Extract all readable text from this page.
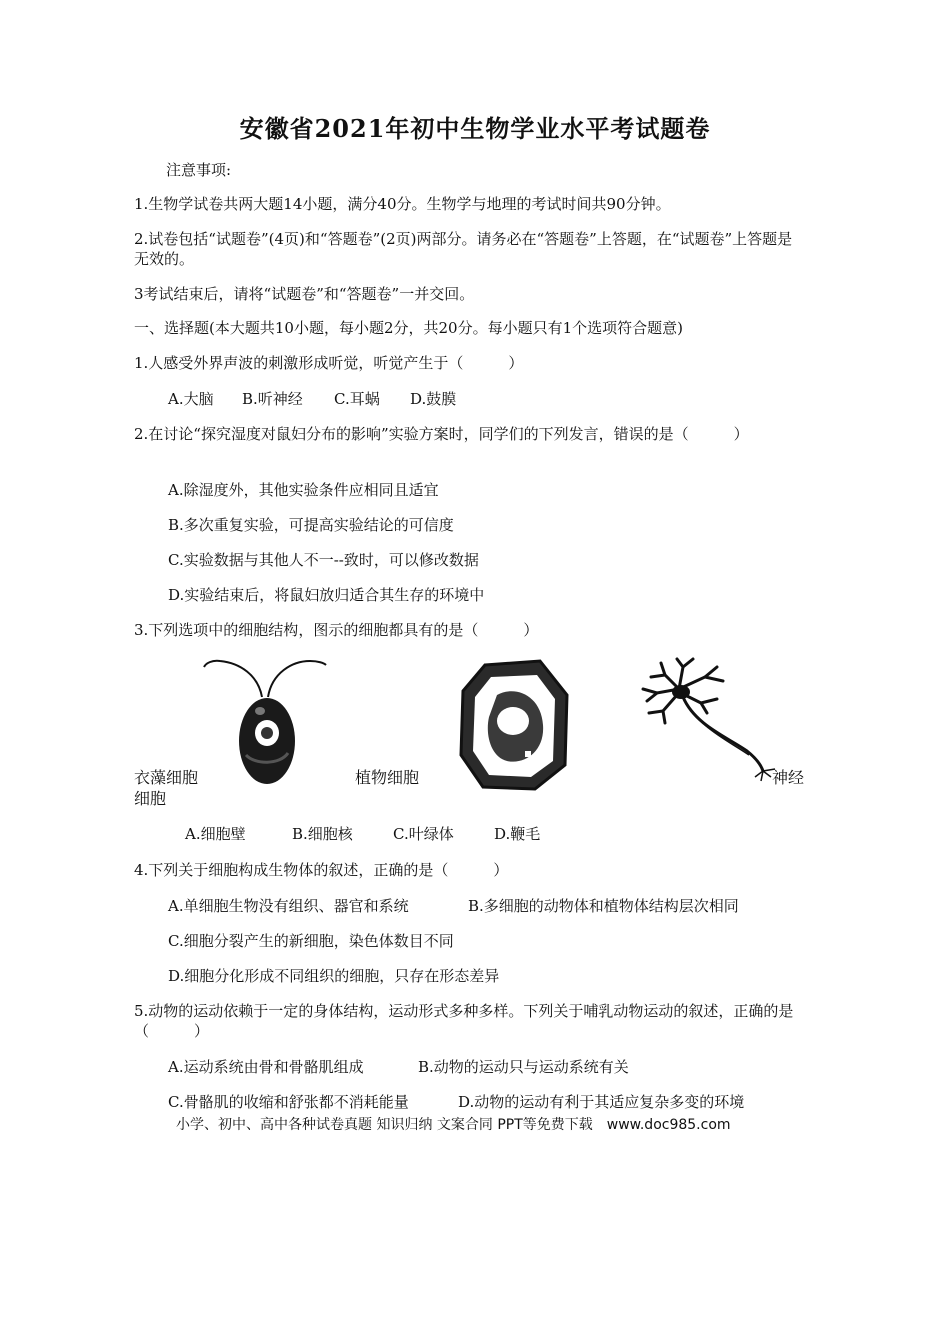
安徽省2021年初中生物学业水平考试题卷
注意事项:
1.生物学试卷共两大题14小题，满分40分。生物学与地理的考试时间共90分钟。
2.试卷包括“试题卷”(4页)和“答题卷”(2页)两部分。请务必在“答题卷”上答题，在“试题卷”上答题是无效的。
3考试结束后，请将“试题卷”和“答题卷”一并交回。
一、选择题(本大题共10小题，每小题2分，共20分。每小题只有1个选项符合题意)
1.人感受外界声波的刺激形成听觉，听觉产生于（　　　）
A.大脑 B.听神经 C.耳蜗 D.鼓膜
2.在讨论“探究湿度对鼠妇分布的影响”实验方案时，同学们的下列发言，错误的是（　　　）
A.除湿度外，其他实验条件应相同且适宜
B.多次重复实验，可提高实验结论的可信度
C.实验数据与其他人不一--致时，可以修改数据
D.实验结束后，将鼠妇放归适合其生存的环境中
3.下列选项中的细胞结构，图示的细胞都具有的是（　　　）
衣藻细胞
细胞
植物细胞	神经
A.细胞壁	B.细胞核	C.叶绿体	D.鞭毛
4.下列关于细胞构成生物体的叙述，正确的是（　　　）
A.单细胞生物没有组织、器官和系统	B.多细胞的动物体和植物体结构层次相同
C.细胞分裂产生的新细胞，染色体数目不同
D.细胞分化形成不同组织的细胞，只存在形态差异
5.动物的运动依赖于一定的身体结构，运动形式多种多样。下列关于哺乳动物运动的叙述，正确的是（　　　）
A.运动系统由骨和骨骼肌组成	B.动物的运动只与运动系统有关
C.骨骼肌的收缩和舒张都不消耗能量	D.动物的运动有利于其适应复杂多变的环境
小学、初中、高中各种试卷真题 知识归纳 文案合同 PPT等免费下载　www.doc985.com
